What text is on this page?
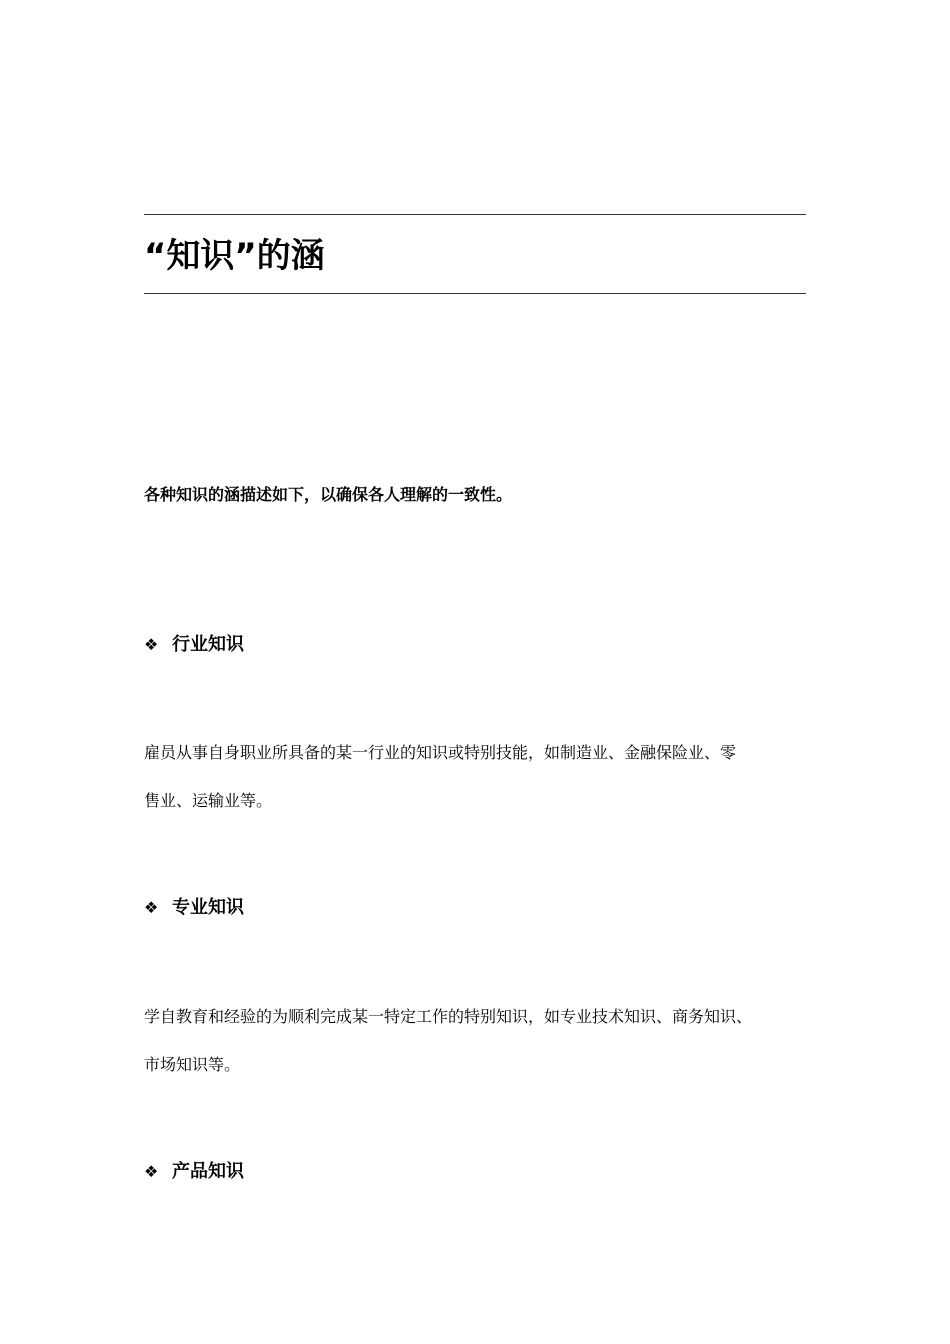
“知识”的涵

各种知识的涵描述如下，以确保各人理解的一致性。

❖ 行业知识

雇员从事自身职业所具备的某一行业的知识或特别技能，如制造业、金融保险业、零
售业、运输业等。

❖ 专业知识

学自教育和经验的为顺利完成某一特定工作的特别知识，如专业技术知识、商务知识、
市场知识等。

❖ 产品知识
